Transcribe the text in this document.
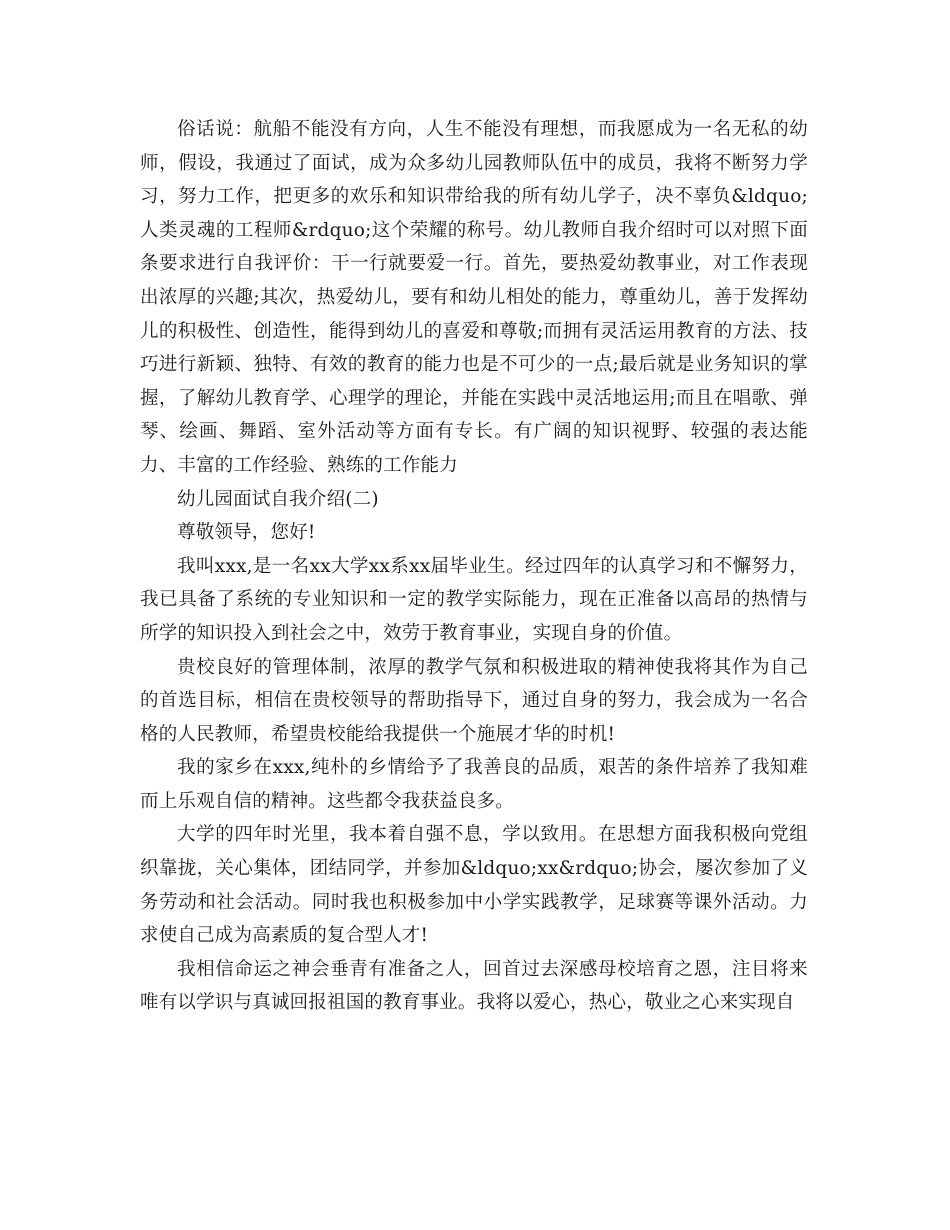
俗话说：航船不能没有方向，人生不能没有理想，而我愿成为一名无私的幼师，假设，我通过了面试，成为众多幼儿园教师队伍中的成员，我将不断努力学习，努力工作，把更多的欢乐和知识带给我的所有幼儿学子，决不辜负&ldquo;人类灵魂的工程师&rdquo;这个荣耀的称号。幼儿教师自我介绍时可以对照下面条要求进行自我评价：干一行就要爱一行。首先，要热爱幼教事业，对工作表现出浓厚的兴趣;其次，热爱幼儿，要有和幼儿相处的能力，尊重幼儿，善于发挥幼儿的积极性、创造性，能得到幼儿的喜爱和尊敬;而拥有灵活运用教育的方法、技巧进行新颖、独特、有效的教育的能力也是不可少的一点;最后就是业务知识的掌握，了解幼儿教育学、心理学的理论，并能在实践中灵活地运用;而且在唱歌、弹琴、绘画、舞蹈、室外活动等方面有专长。有广阔的知识视野、较强的表达能力、丰富的工作经验、熟练的工作能力

幼儿园面试自我介绍(二)

尊敬领导，您好!

我叫xxx,是一名xx大学xx系xx届毕业生。经过四年的认真学习和不懈努力，我已具备了系统的专业知识和一定的教学实际能力，现在正准备以高昂的热情与所学的知识投入到社会之中，效劳于教育事业，实现自身的价值。

贵校良好的管理体制，浓厚的教学气氛和积极进取的精神使我将其作为自己的首选目标，相信在贵校领导的帮助指导下，通过自身的努力，我会成为一名合格的人民教师，希望贵校能给我提供一个施展才华的时机!

我的家乡在xxx,纯朴的乡情给予了我善良的品质，艰苦的条件培养了我知难而上乐观自信的精神。这些都令我获益良多。

大学的四年时光里，我本着自强不息，学以致用。在思想方面我积极向党组织靠拢，关心集体，团结同学，并参加&ldquo;xx&rdquo;协会，屡次参加了义务劳动和社会活动。同时我也积极参加中小学实践教学，足球赛等课外活动。力求使自己成为高素质的复合型人才!

我相信命运之神会垂青有准备之人，回首过去深感母校培育之恩，注目将来唯有以学识与真诚回报祖国的教育事业。我将以爱心，热心，敬业之心来实现自
